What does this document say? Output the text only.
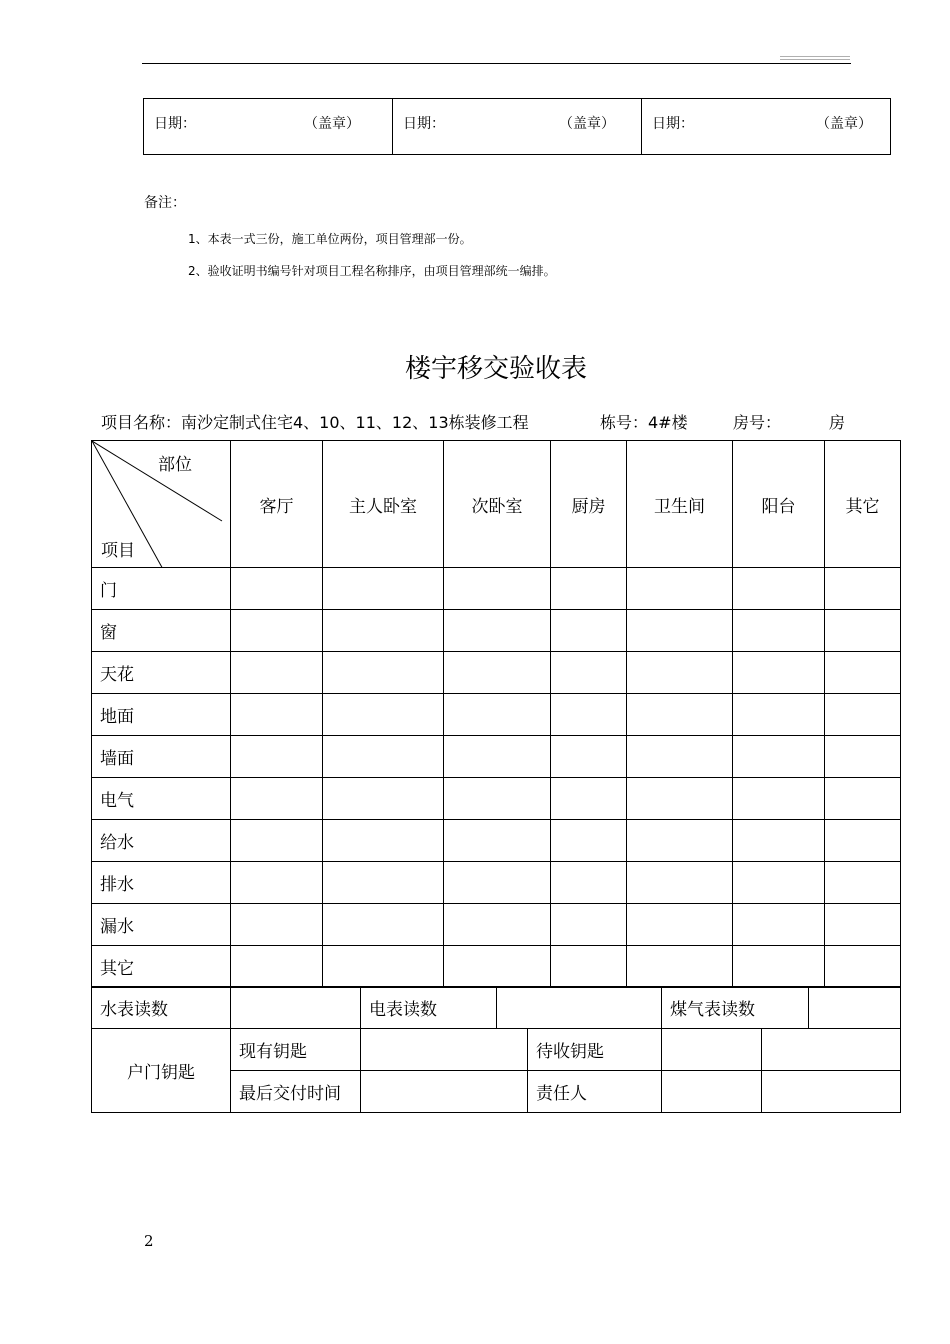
日期：	（盖章）	日期：	（盖章）	日期：	（盖章）
备注：
1、本表一式三份，施工单位两份，项目管理部一份。
2、验收证明书编号针对项目工程名称排序，由项目管理部统一编排。
楼宇移交验收表
项目名称：南沙定制式住宅4、10、11、12、13栋装修工程	栋号：4#楼	房号：	房
部位
项目	客厅	主人卧室	次卧室	厨房	卫生间	阳台	其它
门							
窗							
天花							
地面							
墙面							
电气							
给水							
排水							
漏水							
其它							
水表读数		电表读数			煤气表读数		
户门钥匙	现有钥匙			待收钥匙			
	最后交付时间			责任人			
2
